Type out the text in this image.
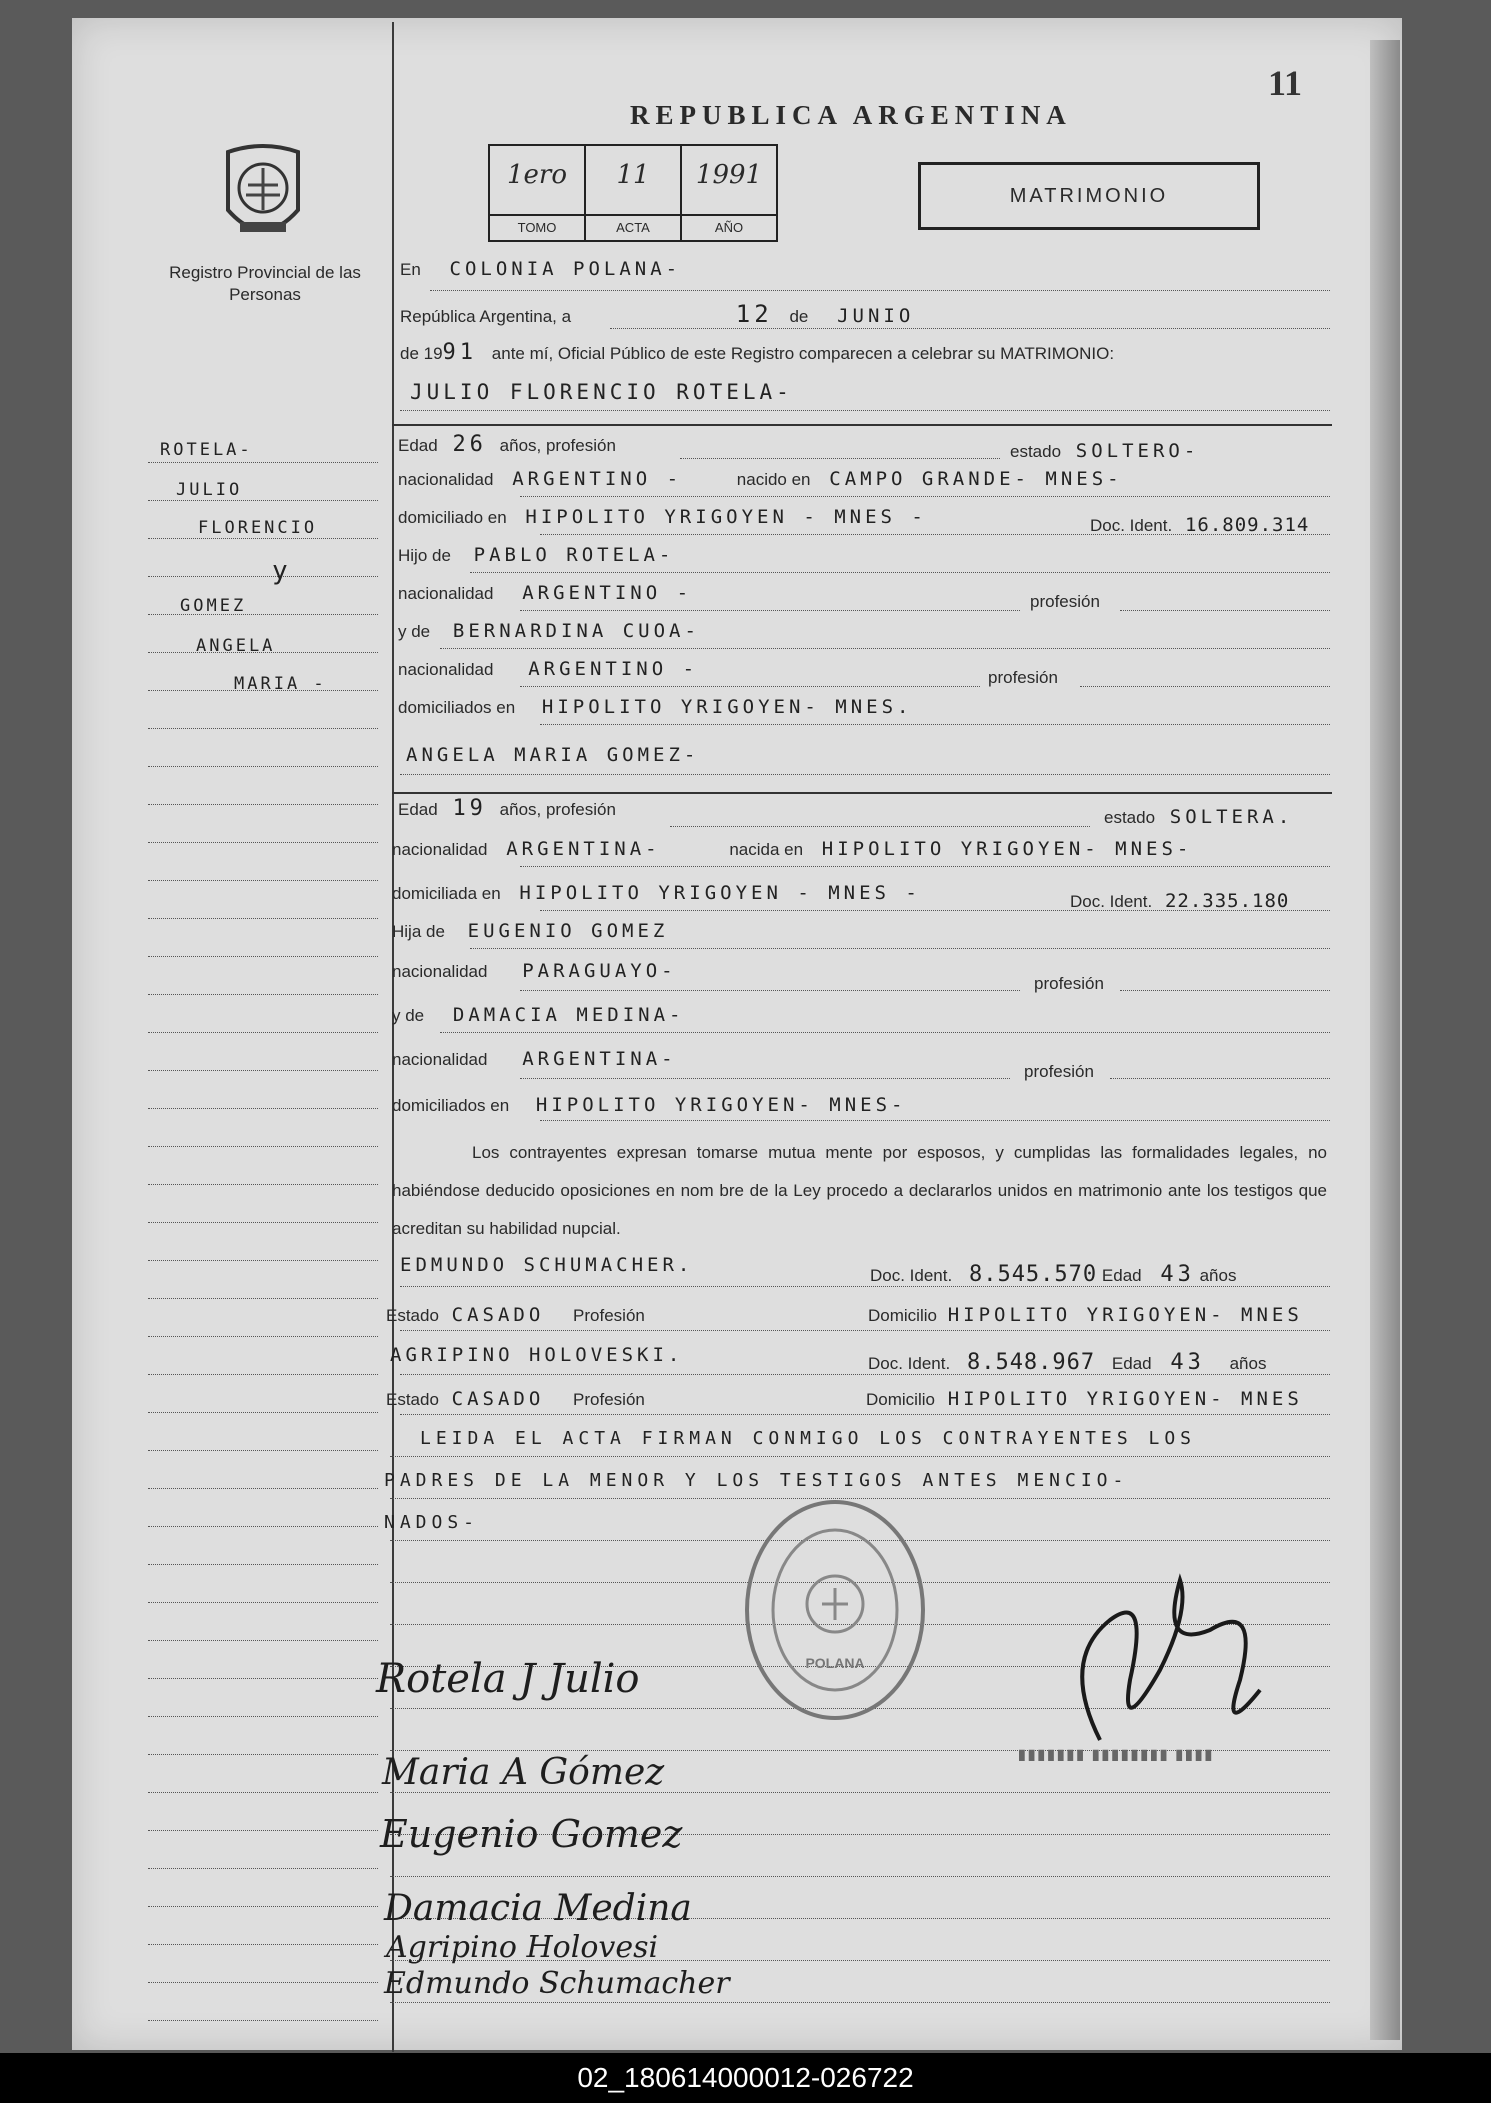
11
REPUBLICA ARGENTINA
1ero
TOMO
11
ACTA
1991
AÑO
MATRIMONIO
Registro Provincial de las Personas
ROTELA-
JULIO
FLORENCIO
y
GOMEZ
ANGELA
MARIA -
En COLONIA POLANA-
República Argentina, a	12 de JUNIO
de 1991 ante mí, Oficial Público de este Registro comparecen a celebrar su MATRIMONIO:
JULIO FLORENCIO ROTELA-
Edad 26 años, profesión	estado SOLTERO-
nacionalidad ARGENTINO -	nacido en CAMPO GRANDE- MNES-
domiciliado en HIPOLITO YRIGOYEN - MNES -	Doc. Ident. 16.809.314
Hijo de PABLO ROTELA-
nacionalidad ARGENTINO -	profesión
y de BERNARDINA CUOA-
nacionalidad ARGENTINO -	profesión
domiciliados en HIPOLITO YRIGOYEN- MNES.
ANGELA MARIA GOMEZ-
Edad 19 años, profesión	estado SOLTERA.
nacionalidad ARGENTINA-	nacida en HIPOLITO YRIGOYEN- MNES-
domiciliada en HIPOLITO YRIGOYEN - MNES -	Doc. Ident. 22.335.180
Hija de EUGENIO GOMEZ
nacionalidad PARAGUAYO-
profesión
y de DAMACIA MEDINA-
nacionalidad ARGENTINA-
profesión
domiciliados en HIPOLITO YRIGOYEN- MNES-
Los contrayentes expresan tomarse mutua mente por esposos, y cumplidas las formalidades legales, no habiéndose deducido oposiciones en nom bre de la Ley procedo a declararlos unidos en matrimonio ante los testigos que acreditan su habilidad nupcial.
EDMUNDO SCHUMACHER.	Doc. Ident. 8.545.570 Edad 43 años
Estado CASADO Profesión	Domicilio HIPOLITO YRIGOYEN- MNES
AGRIPINO HOLOVESKI.	Doc. Ident. 8.548.967 Edad 43 años
Estado CASADO Profesión	Domicilio HIPOLITO YRIGOYEN- MNES
LEIDA EL ACTA FIRMAN CONMIGO LOS CONTRAYENTES LOS
PADRES DE LA MENOR Y LOS TESTIGOS ANTES MENCIO-
NADOS-
POLANA
▮▮▮▮▮▮▮ ▮▮▮▮▮▮▮▮ ▮▮▮▮
Rotela J Julio
Maria A Gómez
Eugenio Gomez
Damacia Medina
Agripino Holovesi
Edmundo Schumacher
02_180614000012-026722
